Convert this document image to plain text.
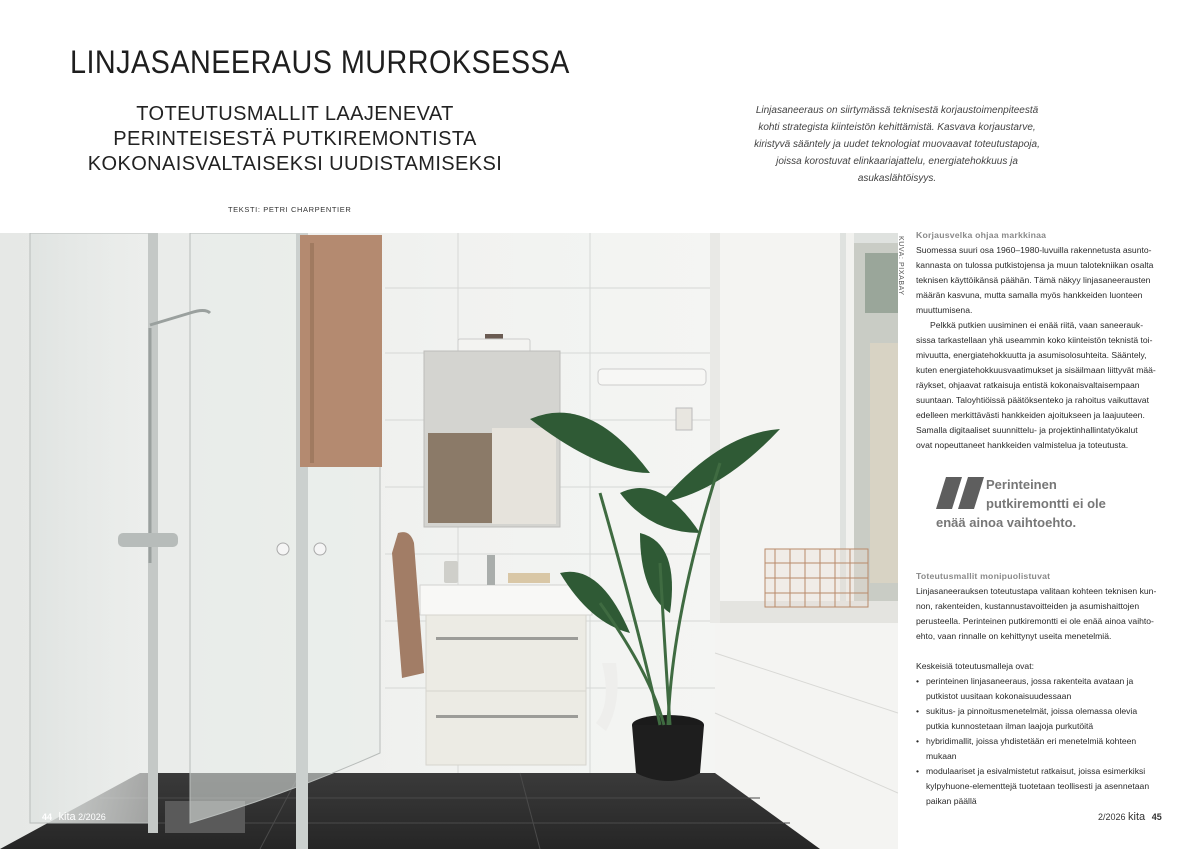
LINJASANEERAUS MURROKSESSA
TOTEUTUSMALLIT LAAJENEVAT
PERINTEISESTÄ PUTKIREMONTISTA
KOKONAISVALTAISEKSI UUDISTAMISEKSI
TEKSTI: PETRI CHARPENTIER
Linjasaneeraus on siirtymässä teknisestä korjaustoimenpiteestä
kohti strategista kiinteistön kehittämistä. Kasvava korjaustarve,
kiristyvä sääntely ja uudet teknologiat muovaavat toteutustapoja,
joissa korostuvat elinkaariajattelu, energiatehokkuus ja
asukaslähtöisyys.
KUVA: PIXABAY
Korjausvelka ohjaa markkinaa
Suomessa suuri osa 1960–1980-luvuilla rakennetusta asunto-
kannasta on tulossa putkistojensa ja muun talotekniikan osalta
teknisen käyttöikänsä päähän. Tämä näkyy linjasaneerausten
määrän kasvuna, mutta samalla myös hankkeiden luonteen
muuttumisena.
Pelkkä putkien uusiminen ei enää riitä, vaan saneerauk-
sissa tarkastellaan yhä useammin koko kiinteistön teknistä toi-
mivuutta, energiatehokkuutta ja asumisolosuhteita. Sääntely,
kuten energiatehokkuusvaatimukset ja sisäilmaan liittyvät mää-
räykset, ohjaavat ratkaisuja entistä kokonaisvaltaisempaan
suuntaan. Taloyhtiöissä päätöksenteko ja rahoitus vaikuttavat
edelleen merkittävästi hankkeiden ajoitukseen ja laajuuteen.
Samalla digitaaliset suunnittelu- ja projektinhallintatyökalut
ovat nopeuttaneet hankkeiden valmistelua ja toteutusta.
Perinteinen
putkiremontti ei ole
enää ainoa vaihtoehto.
Toteutusmallit monipuolistuvat
Linjasaneerauksen toteutustapa valitaan kohteen teknisen kun-
non, rakenteiden, kustannustavoitteiden ja asumishaittojen
perusteella. Perinteinen putkiremontti ei ole enää ainoa vaihto-
ehto, vaan rinnalle on kehittynyt useita menetelmiä.
Keskeisiä toteutusmalleja ovat:
• perinteinen linjasaneeraus, jossa rakenteita avataan ja
putkistot uusitaan kokonaisuudessaan
• sukitus- ja pinnoitusmenetelmät, joissa olemassa olevia
putkia kunnostetaan ilman laajoja purkutöitä
• hybridimallit, joissa yhdistetään eri menetelmiä kohteen
mukaan
• modulaariset ja esivalmistetut ratkaisut, joissa esimerkiksi
kylpyhuone-elementtejä tuotetaan teollisesti ja asennetaan
paikan päällä
44 kita 2/2026	2/2026 kita 45
